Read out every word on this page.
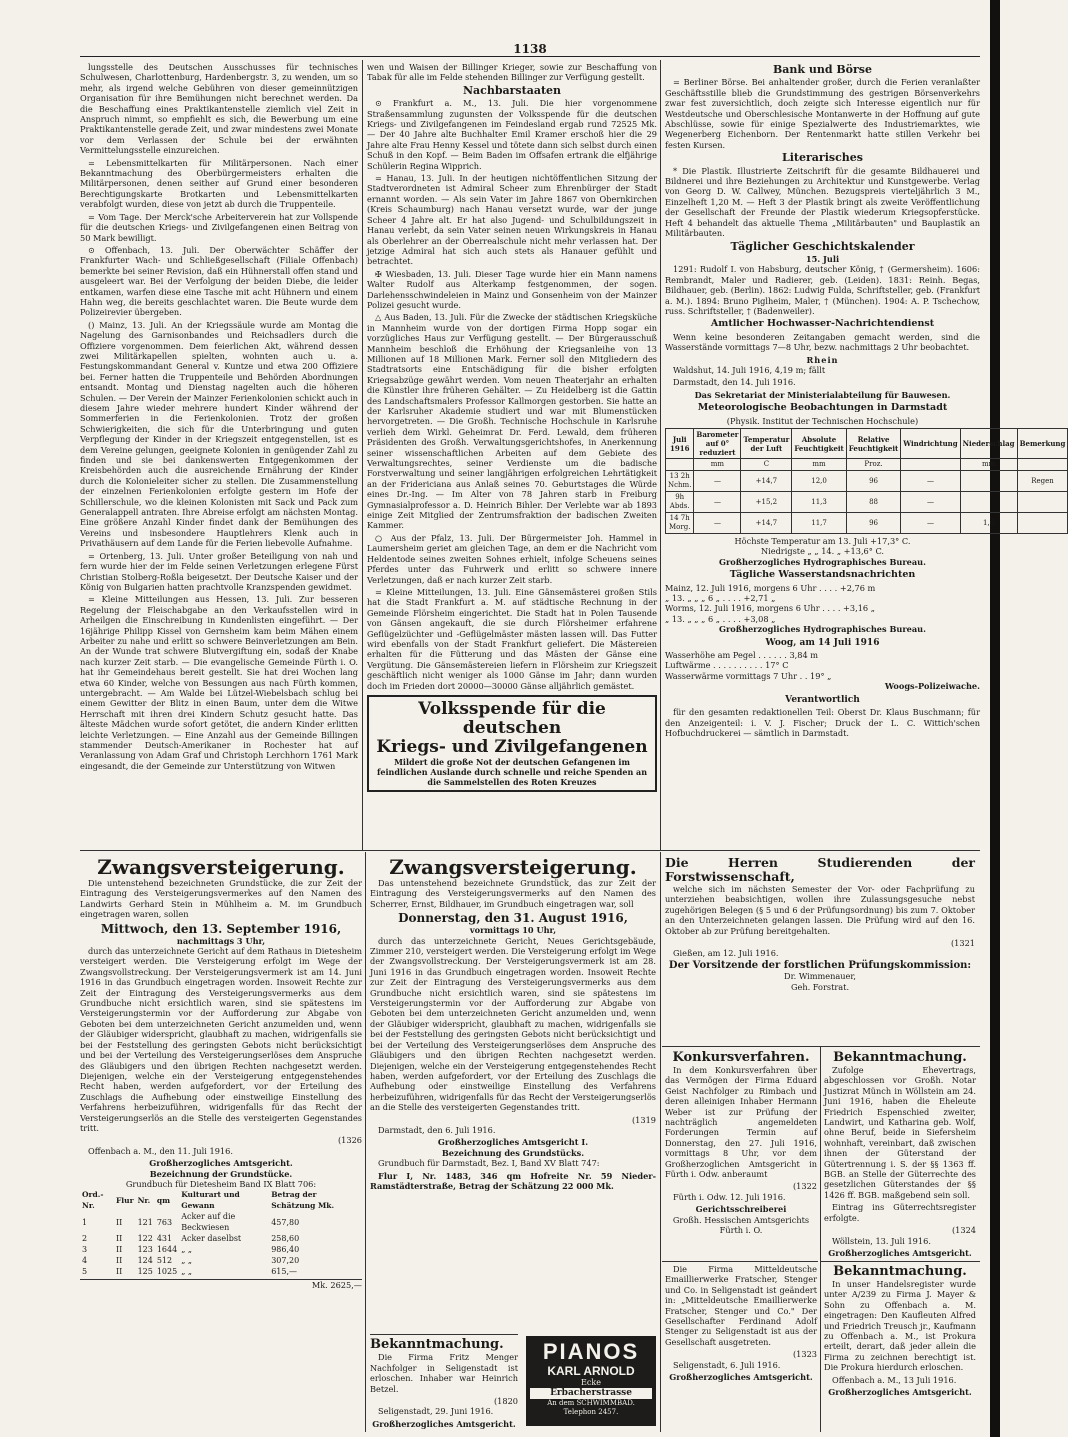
1138

lungsstelle des Deutschen Ausschusses für technisches Schulwesen, Charlottenburg, Hardenbergstr. 3, zu wenden, um so mehr, als irgend welche Gebühren von dieser gemeinnützigen Organisation für ihre Bemühungen nicht berechnet werden. Da die Beschaffung eines Praktikantenstelle ziemlich viel Zeit in Anspruch nimmt, so empfiehlt es sich, die Bewerbung um eine Praktikantenstelle gerade Zeit, und zwar mindestens zwei Monate vor dem Verlassen der Schule bei der erwähnten Vermittelungsstelle einzureichen.

= Lebensmittelkarten für Militärpersonen. Nach einer Bekanntmachung des Oberbürgermeisters erhalten die Militärpersonen, denen seither auf Grund einer besonderen Berechtigungskarte Brotkarten und Lebensmittelkarten verabfolgt wurden, diese von jetzt ab durch die Truppenteile.

= Vom Tage. Der Merck'sche Arbeiterverein hat zur Vollspende für die deutschen Kriegs- und Zivilgefangenen einen Beitrag von 50 Mark bewilligt.

⊙ Offenbach, 13. Juli. Der Oberwächter Schäffer der Frankfurter Wach- und Schließgesellschaft (Filiale Offenbach) bemerkte bei seiner Revision, daß ein Hühnerstall offen stand und ausgeleert war. Bei der Verfolgung der beiden Diebe, die leider entkamen, warfen diese eine Tasche mit acht Hühnern und einem Hahn weg, die bereits geschlachtet waren. Die Beute wurde dem Polizeirevier übergeben.

() Mainz, 13. Juli. An der Kriegssäule wurde am Montag die Nagelung des Garnisonbandes und Reichsadlers durch die Offiziere vorgenommen. Dem feierlichen Akt, während dessen zwei Militärkapellen spielten, wohnten auch u. a. Festungskommandant General v. Kuntze und etwa 200 Offiziere bei. Ferner hatten die Truppenteile und Behörden Abordnungen entsandt. Montag und Dienstag nagelten auch die höheren Schulen. — Der Verein der Mainzer Ferienkolonien schickt auch in diesem Jahre wieder mehrere hundert Kinder während der Sommerferien in die Ferienkolonien. Trotz der großen Schwierigkeiten, die sich für die Unterbringung und guten Verpflegung der Kinder in der Kriegszeit entgegenstellen, ist es dem Vereine gelungen, geeignete Kolonien in genügender Zahl zu finden und sie bei dankenswerten Entgegenkommen der Kreisbehörden auch die ausreichende Ernährung der Kinder durch die Kolonieleiter sicher zu stellen. Die Zusammenstellung der einzelnen Ferienkolonien erfolgte gestern im Hofe der Schillerschule, wo die kleinen Kolonisten mit Sack und Pack zum Generalappell antraten. Ihre Abreise erfolgt am nächsten Montag. Eine größere Anzahl Kinder findet dank der Bemühungen des Vereins und insbesondere Hauptlehrers Klenk auch in Privathäusern auf dem Lande für die Ferien liebevolle Aufnahme.

= Ortenberg, 13. Juli. Unter großer Beteiligung von nah und fern wurde hier der im Felde seinen Verletzungen erlegene Fürst Christian Stolberg-Roßla beigesetzt. Der Deutsche Kaiser und der König von Bulgarien hatten prachtvolle Kranzspenden gewidmet.

= Kleine Mitteilungen aus Hessen, 13. Juli. Zur besseren Regelung der Fleischabgabe an den Verkaufsstellen wird in Arheilgen die Einschreibung in Kundenlisten eingeführt. — Der 16jährige Philipp Kissel von Gernsheim kam beim Mähen einem Arbeiter zu nahe und erlitt so schwere Beinverletzungen am Bein. An der Wunde trat schwere Blutvergiftung ein, sodaß der Knabe nach kurzer Zeit starb. — Die evangelische Gemeinde Fürth i. O. hat ihr Gemeindehaus bereit gestellt. Sie hat drei Wochen lang etwa 60 Kinder, welche von Bessungen aus nach Fürth kommen, untergebracht. — Am Walde bei Lützel-Wiebelsbach schlug bei einem Gewitter der Blitz in einen Baum, unter dem die Witwe Herrschaft mit ihren drei Kindern Schutz gesucht hatte. Das älteste Mädchen wurde sofort getötet, die andern Kinder erlitten leichte Verletzungen. — Eine Anzahl aus der Gemeinde Billingen stammender Deutsch-Amerikaner in Rochester hat auf Veranlassung von Adam Graf und Christoph Lerchhorn 1761 Mark eingesandt, die der Gemeinde zur Unterstützung von Witwen

wen und Waisen der Billinger Krieger, sowie zur Beschaffung von Tabak für alle im Felde stehenden Billinger zur Verfügung gestellt.

Nachbarstaaten

⊙ Frankfurt a. M., 13. Juli. Die hier vorgenommene Straßensammlung zugunsten der Volksspende für die deutschen Kriegs- und Zivilgefangenen im Feindesland ergab rund 72525 Mk. — Der 40 Jahre alte Buchhalter Emil Kramer erschoß hier die 29 Jahre alte Frau Henny Kessel und tötete dann sich selbst durch einen Schuß in den Kopf. — Beim Baden im Offsafen ertrank die elfjährige Schülerin Regina Wipprich.

= Hanau, 13. Juli. In der heutigen nichtöffentlichen Sitzung der Stadtverordneten ist Admiral Scheer zum Ehrenbürger der Stadt ernannt worden. — Als sein Vater im Jahre 1867 von Obernkirchen (Kreis Schaumburg) nach Hanau versetzt wurde, war der junge Scheer 4 Jahre alt. Er hat also Jugend- und Schulbildungszeit in Hanau verlebt, da sein Vater seinen neuen Wirkungskreis in Hanau als Oberlehrer an der Oberrealschule nicht mehr verlassen hat. Der jetzige Admiral hat sich auch stets als Hanauer gefühlt und betrachtet.

✠ Wiesbaden, 13. Juli. Dieser Tage wurde hier ein Mann namens Walter Rudolf aus Alterkamp festgenommen, der sogen. Darlehensschwindeleien in Mainz und Gonsenheim von der Mainzer Polizei gesucht wurde.

△ Aus Baden, 13. Juli. Für die Zwecke der städtischen Kriegsküche in Mannheim wurde von der dortigen Firma Hopp sogar ein vorzügliches Haus zur Verfügung gestellt. — Der Bürgerausschuß Mannheim beschloß die Erhöhung der Kriegsanleihe von 13 Millionen auf 18 Millionen Mark. Ferner soll den Mitgliedern des Stadtratsorts eine Entschädigung für die bisher erfolgten Kriegsabzüge gewährt werden. Vom neuen Theaterjahr an erhalten die Künstler ihre früheren Gehälter. — Zu Heidelberg ist die Gattin des Landschaftsmalers Professor Kallmorgen gestorben. Sie hatte an der Karlsruher Akademie studiert und war mit Blumenstücken hervorgetreten. — Die Großh. Technische Hochschule in Karlsruhe verlieh dem Wirkl. Geheimrat Dr. Ferd. Lewald, dem früheren Präsidenten des Großh. Verwaltungsgerichtshofes, in Anerkennung seiner wissenschaftlichen Arbeiten auf dem Gebiete des Verwaltungsrechtes, seiner Verdienste um die badische Forstverwaltung und seiner langjährigen erfolgreichen Lehrtätigkeit an der Fridericiana aus Anlaß seines 70. Geburtstages die Würde eines Dr.-Ing. — Im Alter von 78 Jahren starb in Freiburg Gymnasialprofessor a. D. Heinrich Bihler. Der Verlebte war ab 1893 einige Zeit Mitglied der Zentrumsfraktion der badischen Zweiten Kammer.

○ Aus der Pfalz, 13. Juli. Der Bürgermeister Joh. Hammel in Laumersheim geriet am gleichen Tage, an dem er die Nachricht vom Heldentode seines zweiten Sohnes erhielt, infolge Scheuens seines Pferdes unter das Fuhrwerk und erlitt so schwere innere Verletzungen, daß er nach kurzer Zeit starb.

= Kleine Mitteilungen, 13. Juli. Eine Gänsemästerei großen Stils hat die Stadt Frankfurt a. M. auf städtische Rechnung in der Gemeinde Flörsheim eingerichtet. Die Stadt hat in Polen Tausende von Gänsen angekauft, die sie durch Flörsheimer erfahrene Geflügelzüchter und -Geflügelmäster mästen lassen will. Das Futter wird ebenfalls von der Stadt Frankfurt geliefert. Die Mästereien erhalten für die Fütterung und das Mästen der Gänse eine Vergütung. Die Gänsemästereien liefern in Flörsheim zur Kriegszeit geschäftlich nicht weniger als 1000 Gänse im Jahr; dann wurden doch im Frieden dort 20000—30000 Gänse alljährlich gemästet.

Volksspende für die deutschen
Kriegs- und Zivilgefangenen
Mildert die große Not der deutschen Gefangenen im feindlichen Auslande durch schnelle und reiche Spenden an die Sammelstellen des Roten Kreuzes
Bank und Börse

= Berliner Börse. Bei anhaltender großer, durch die Ferien veranlaßter Geschäftsstille blieb die Grundstimmung des gestrigen Börsenverkehrs zwar fest zuversichtlich, doch zeigte sich Interesse eigentlich nur für Westdeutsche und Oberschlesische Montanwerte in der Hoffnung auf gute Abschlüsse, sowie für einige Spezialwerte des Industriemarktes, wie Wegenerberg Eichenborn. Der Rentenmarkt hatte stillen Verkehr bei festen Kursen.

Literarisches

* Die Plastik. Illustrierte Zeitschrift für die gesamte Bildhauerei und Bildnerei und ihre Beziehungen zu Architektur und Kunstgewerbe. Verlag von Georg D. W. Callwey, München. Bezugspreis vierteljährlich 3 M., Einzelheft 1,20 M. — Heft 3 der Plastik bringt als zweite Veröffentlichung der Gesellschaft der Freunde der Plastik wiederum Kriegsopferstücke. Heft 4 behandelt das aktuelle Thema „Militärbauten" und Bauplastik an Militärbauten.

Täglicher Geschichtskalender
15. Juli

1291: Rudolf I. von Habsburg, deutscher König, † (Germersheim). 1606: Rembrandt, Maler und Radierer, geb. (Leiden). 1831: Reinh. Begas, Bildhauer, geb. (Berlin). 1862: Ludwig Fulda, Schriftsteller, geb. (Frankfurt a. M.). 1894: Bruno Piglheim, Maler, † (München). 1904: A. P. Tschechow, russ. Schriftsteller, † (Badenweiler).

Amtlicher Hochwasser-Nachrichtendienst

Wenn keine besonderen Zeitangaben gemacht werden, sind die Wasserstände vormittags 7—8 Uhr, bezw. nachmittags 2 Uhr beobachtet.

Rhein

Waldshut, 14. Juli 1916, 4,19 m; fällt

Darmstadt, den 14. Juli 1916.

Das Sekretariat der Ministerialabteilung für Bauwesen.
Meteorologische Beobachtungen in Darmstadt
(Physik. Institut der Technischen Hochschule)
Juli 1916	Barometer auf 0° reduziert	Temperatur der Luft	Absolute Feuchtigkeit	Relative Feuchtigkeit	Windrichtung	Niederschlag	Bemerkung
	mm	C	mm	Proz.		mm	
13 2h Nchm.	—	+14,7	12,0	96	—		Regen
9h Abds.	—	+15,2	11,3	88	—		
14 7h Morg.	—	+14,7	11,7	96	—	1,6	
Höchste Temperatur am 13. Juli +17,3° C.
Niedrigste „ „ 14. „ +13,6° C.
Großherzogliches Hydrographisches Bureau.
Tägliche Wasserstandsnachrichten
Mainz, 12. Juli 1916, morgens 6 Uhr . . . . +2,76 m
„ 13. „ „ „ 6 „ . . . . +2,71 „
Worms, 12. Juli 1916, morgens 6 Uhr . . . . +3,16 „
„ 13. „ „ „ 6 „ . . . . +3,08 „
Großherzogliches Hydrographisches Bureau.
Woog, am 14 Juli 1916
Wasserhöhe am Pegel . . . . . . 3,84 m
Luftwärme . . . . . . . . . . 17° C
Wasserwärme vormittags 7 Uhr . . 19° „
Woogs-Polizeiwache.
Verantwortlich

für den gesamten redaktionellen Teil: Oberst Dr. Klaus Buschmann; für den Anzeigenteil: i. V. J. Fischer; Druck der L. C. Wittich'schen Hofbuchdruckerei — sämtlich in Darmstadt.

Zwangsversteigerung.

Die untenstehend bezeichneten Grundstücke, die zur Zeit der Eintragung des Versteigerungsvermerkes auf den Namen des Landwirts Gerhard Stein in Mühlheim a. M. im Grundbuch eingetragen waren, sollen

Mittwoch, den 13. September 1916,
nachmittags 3 Uhr,

durch das unterzeichnete Gericht auf dem Rathaus in Dietesheim versteigert werden. Die Versteigerung erfolgt im Wege der Zwangsvollstreckung. Der Versteigerungsvermerk ist am 14. Juni 1916 in das Grundbuch eingetragen worden. Insoweit Rechte zur Zeit der Eintragung des Versteigerungsvermerks aus dem Grundbuche nicht ersichtlich waren, sind sie spätestens im Versteigerungstermin vor der Aufforderung zur Abgabe von Geboten bei dem unterzeichneten Gericht anzumelden und, wenn der Gläubiger widerspricht, glaubhaft zu machen, widrigenfalls sie bei der Feststellung des geringsten Gebots nicht berücksichtigt und bei der Verteilung des Versteigerungserlöses dem Anspruche des Gläubigers und den übrigen Rechten nachgesetzt werden. Diejenigen, welche ein der Versteigerung entgegenstehendes Recht haben, werden aufgefordert, vor der Erteilung des Zuschlags die Aufhebung oder einstweilige Einstellung des Verfahrens herbeizuführen, widrigenfalls für das Recht der Versteigerungserlös an die Stelle des versteigerten Gegenstandes tritt.

(1326

Offenbach a. M., den 11. Juli 1916.

Großherzogliches Amtsgericht.
Bezeichnung der Grundstücke.
Grundbuch für Dietesheim Band IX Blatt 706:
Ord.-Nr.	Flur	Nr.	qm	Kulturart und Gewann	Betrag der Schätzung Mk.
1	II	121	763	Acker auf die Beckwiesen	457,80
2	II	122	431	Acker daselbst	258,60
3	II	123	1644	„ „	986,40
4	II	124	512	„ „	307,20
5	II	125	1025	„ „	615,—
Mk. 2625,—
Zwangsversteigerung.

Das untenstehend bezeichnete Grundstück, das zur Zeit der Eintragung des Versteigerungsvermerks auf den Namen des Scherrer, Ernst, Bildhauer, im Grundbuch eingetragen war, soll

Donnerstag, den 31. August 1916,
vormittags 10 Uhr,

durch das unterzeichnete Gericht, Neues Gerichtsgebäude, Zimmer 210, versteigert werden. Die Versteigerung erfolgt im Wege der Zwangsvollstreckung. Der Versteigerungsvermerk ist am 28. Juni 1916 in das Grundbuch eingetragen worden. Insoweit Rechte zur Zeit der Eintragung des Versteigerungsvermerks aus dem Grundbuche nicht ersichtlich waren, sind sie spätestens im Versteigerungstermin vor der Aufforderung zur Abgabe von Geboten bei dem unterzeichneten Gericht anzumelden und, wenn der Gläubiger widerspricht, glaubhaft zu machen, widrigenfalls sie bei der Feststellung des geringsten Gebots nicht berücksichtigt und bei der Verteilung des Versteigerungserlöses dem Anspruche des Gläubigers und den übrigen Rechten nachgesetzt werden. Diejenigen, welche ein der Versteigerung entgegenstehendes Recht haben, werden aufgefordert, vor der Erteilung des Zuschlags die Aufhebung oder einstweilige Einstellung des Verfahrens herbeizuführen, widrigenfalls für das Recht der Versteigerungserlös an die Stelle des versteigerten Gegenstandes tritt.

(1319

Darmstadt, den 6. Juli 1916.

Großherzogliches Amtsgericht I.
Bezeichnung des Grundstücks.

Grundbuch für Darmstadt, Bez. I, Band XV Blatt 747:

Flur I, Nr. 1483, 346 qm Hofreite Nr. 59 Nieder-Ramstädterstraße, Betrag der Schätzung 22 000 Mk.

Bekanntmachung.

Die Firma Fritz Menger Nachfolger in Seligenstadt ist erloschen. Inhaber war Heinrich Betzel.

(1820

Seligenstadt, 29. Juni 1916.

Großherzogliches Amtsgericht.
PIANOS
KARL ARNOLD
Ecke
Erbacherstrasse
An dem SCHWIMMBAD.
Telephon 2457.
Die Herren Studierenden der Forstwissenschaft,

welche sich im nächsten Semester der Vor- oder Fachprüfung zu unterziehen beabsichtigen, wollen ihre Zulassungsgesuche nebst zugehörigen Belegen (§ 5 und 6 der Prüfungsordnung) bis zum 7. Oktober an den Unterzeichneten gelangen lassen. Die Prüfung wird auf den 16. Oktober ab zur Prüfung bereitgehalten.

(1321

Gießen, am 12. Juli 1916.

Der Vorsitzende der forstlichen Prüfungskommission:
Dr. Wimmenauer,
Geh. Forstrat.
Konkursverfahren.

In dem Konkursverfahren über das Vermögen der Firma Eduard Geist Nachfolger zu Rimbach und deren alleinigen Inhaber Hermann Weber ist zur Prüfung der nachträglich angemeldeten Forderungen Termin auf Donnerstag, den 27. Juli 1916, vormittags 8 Uhr, vor dem Großherzoglichen Amtsgericht in Fürth i. Odw. anberaumt

(1322

Fürth i. Odw. 12. Juli 1916.

Gerichtsschreiberei
Großh. Hessischen Amtsgerichts Fürth i. O.

Die Firma Mitteldeutsche Emaillierwerke Fratscher, Stenger und Co. in Seligenstadt ist geändert in: „Mitteldeutsche Emaillierwerke Fratscher, Stenger und Co." Der Gesellschafter Ferdinand Adolf Stenger zu Seligenstadt ist aus der Gesellschaft ausgetreten.

(1323

Seligenstadt, 6. Juli 1916.

Großherzogliches Amtsgericht.
Bekanntmachung.

Zufolge Ehevertrags, abgeschlossen vor Großh. Notar Justizrat Münch in Wöllstein am 24. Juni 1916, haben die Eheleute Friedrich Espenschied zweiter, Landwirt, und Katharina geb. Wolf, ohne Beruf, beide in Siefersheim wohnhaft, vereinbart, daß zwischen ihnen der Güterstand der Gütertrennung i. S. der §§ 1363 ff. BGB. an Stelle der Güterrechte des gesetzlichen Güterstandes der §§ 1426 ff. BGB. maßgebend sein soll.

Eintrag ins Güterrechtsregister erfolgte.

(1324

Wöllstein, 13. Juli 1916.

Großherzogliches Amtsgericht.
Bekanntmachung.

In unser Handelsregister wurde unter A/239 zu Firma J. Mayer & Sohn zu Offenbach a. M. eingetragen: Den Kaufleuten Alfred und Friedrich Treusch jr., Kaufmann zu Offenbach a. M., ist Prokura erteilt, derart, daß jeder allein die Firma zu zeichnen berechtigt ist. Die Prokura hierdurch erloschen.

Offenbach a. M., 13 Juli 1916.

Großherzogliches Amtsgericht.
